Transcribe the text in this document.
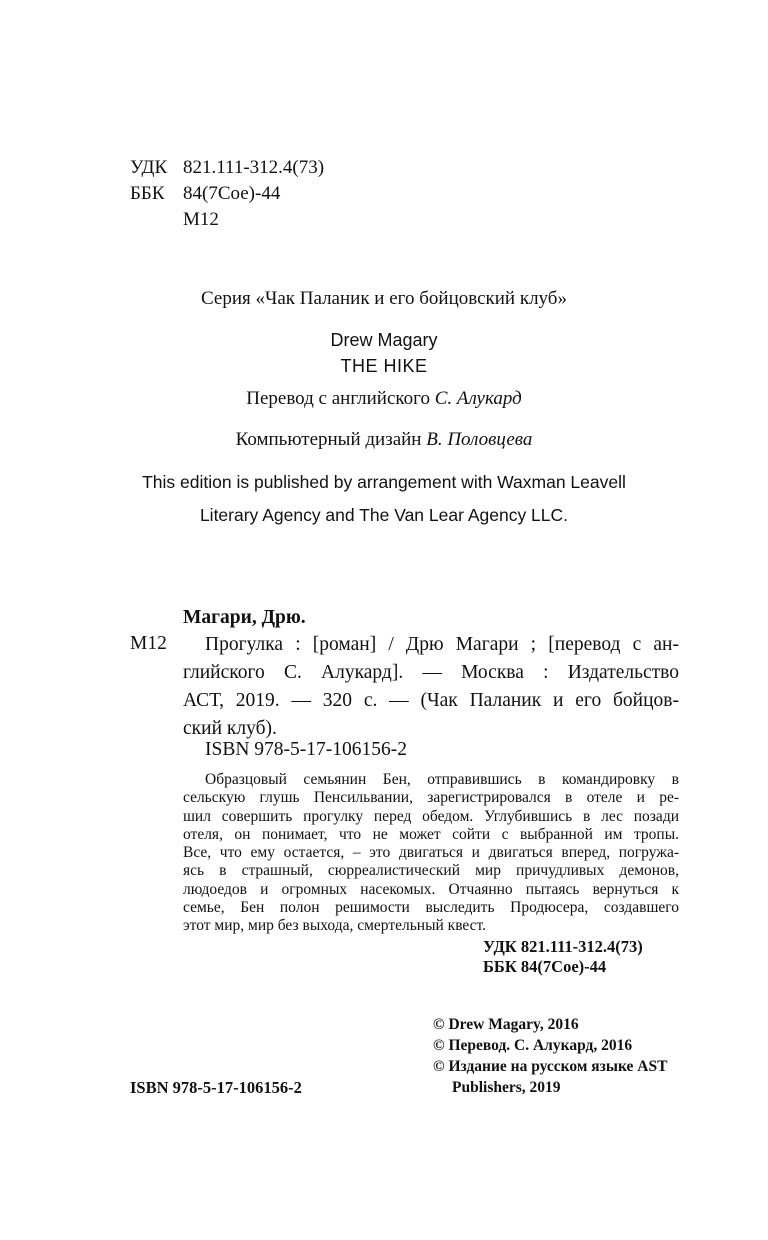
УДК 821.111-312.4(73)
ББК 84(7Сое)-44
М12
Серия «Чак Паланик и его бойцовский клуб»
Drew Magary
THE HIKE
Перевод с английского С. Алукард
Компьютерный дизайн В. Половцева
This edition is published by arrangement with Waxman Leavell
Literary Agency and The Van Lear Agency LLC.
Магари, Дрю.
М12	Прогулка : [роман] / Дрю Магари ; [перевод с ан-
глийского С. Алукард]. — Москва : Издательство
АСТ, 2019. — 320 с. — (Чак Паланик и его бойцов-
ский клуб).
ISBN 978-5-17-106156-2
Образцовый семьянин Бен, отправившись в командировку в
сельскую глушь Пенсильвании, зарегистрировался в отеле и ре-
шил совершить прогулку перед обедом. Углубившись в лес позади
отеля, он понимает, что не может сойти с выбранной им тропы.
Все, что ему остается, – это двигаться и двигаться вперед, погружа-
ясь в страшный, сюрреалистический мир причудливых демонов,
людоедов и огромных насекомых. Отчаянно пытаясь вернуться к
семье, Бен полон решимости выследить Продюсера, создавшего
этот мир, мир без выхода, смертельный квест.
УДК 821.111-312.4(73)
ББК 84(7Сое)-44
© Drew Magary, 2016
© Перевод. С. Алукард, 2016
© Издание на русском языке AST
Publishers, 2019
ISBN 978-5-17-106156-2
